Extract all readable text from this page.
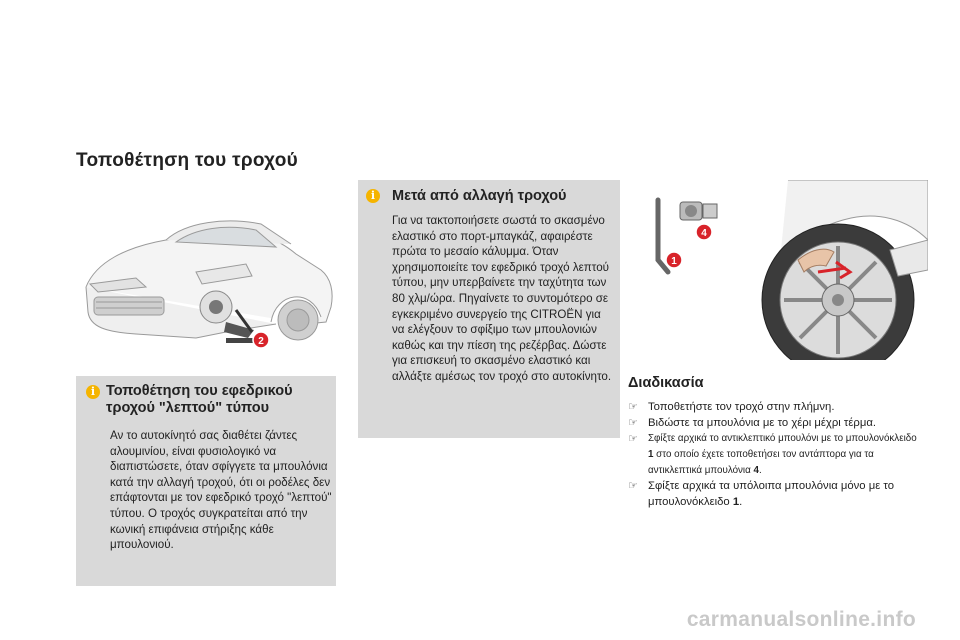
Τοποθέτηση του τροχού
2
i Τοποθέτηση του εφεδρικού τροχού "λεπτού" τύπου
Αν το αυτοκίνητό σας διαθέτει ζάντες αλουμινίου, είναι φυσιολογικό να διαπιστώσετε, όταν σφίγγετε τα μπουλόνια κατά την αλλαγή τροχού, ότι οι ροδέλες δεν επάφτονται με τον εφεδρικό τροχό "λεπτού" τύπου. Ο τροχός συγκρατείται από την κωνική επιφάνεια στήριξης κάθε μπουλονιού.
i	Μετά από αλλαγή τροχού
Για να τακτοποιήσετε σωστά το σκασμένο ελαστικό στο πορτ-μπαγκάζ, αφαιρέστε πρώτα το μεσαίο κάλυμμα. Όταν χρησιμοποιείτε τον εφεδρικό τροχό λεπτού τύπου, μην υπερβαίνετε την ταχύτητα των 80 χλμ/ώρα. Πηγαίνετε το συντομότερο σε εγκεκριμένο συνεργείο της CITROËN για να ελέγξουν το σφίξιμο των μπουλονιών καθώς και την πίεση της ρεζέρβας. Δώστε για επισκευή το σκασμένο ελαστικό και αλλάξτε αμέσως τον τροχό στο αυτοκίνητο.
1
4
Διαδικασία
☞ Τοποθετήστε τον τροχό στην πλήμνη.
☞ Βιδώστε τα μπουλόνια με το χέρι μέχρι τέρμα.
☞ Σφίξτε αρχικά το αντικλεπτικό μπουλόνι με το μπουλονόκλειδο 1 στο οποίο έχετε τοποθετήσει τον αντάπτορα για τα αντικλεπτικά μπουλόνια 4.
☞ Σφίξτε αρχικά τα υπόλοιπα μπουλόνια μόνο με το μπουλονόκλειδο 1.
carmanualsonline.info
